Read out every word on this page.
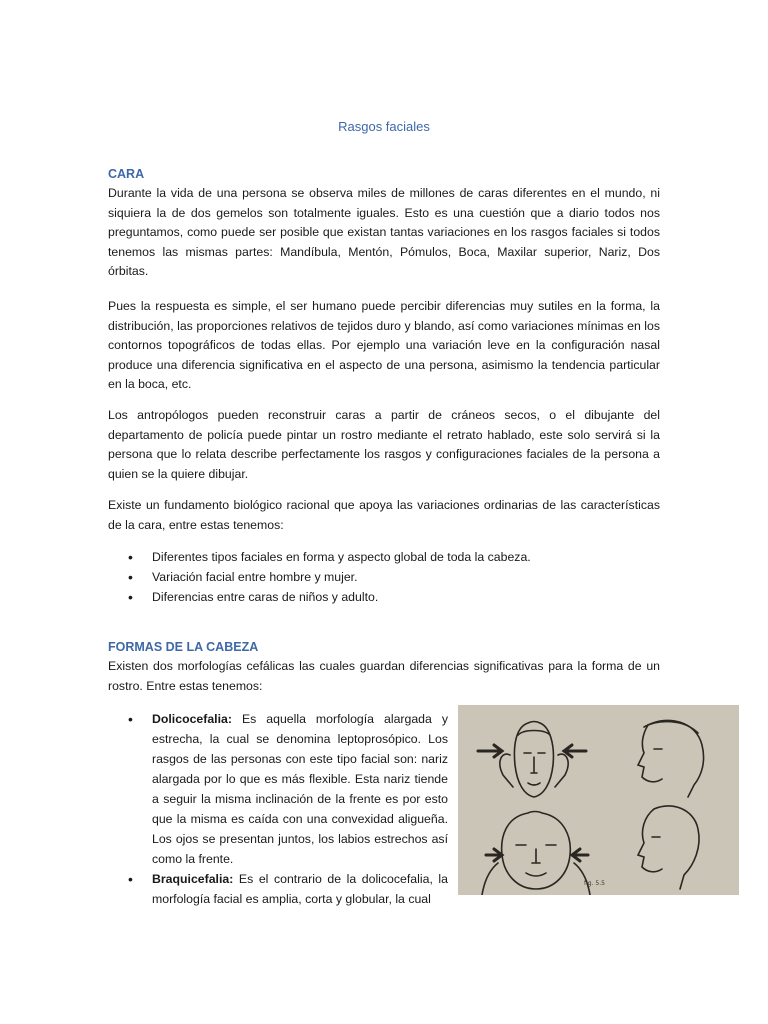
Rasgos faciales
CARA

Durante la vida de una persona se observa miles de millones de caras diferentes en el mundo, ni siquiera la de dos gemelos son totalmente iguales. Esto es una cuestión que a diario todos nos preguntamos, como puede ser posible que existan tantas variaciones en los rasgos faciales si todos tenemos las mismas partes: Mandíbula, Mentón, Pómulos, Boca, Maxilar superior, Nariz, Dos órbitas.

Pues la respuesta es simple, el ser humano puede percibir diferencias muy sutiles en la forma, la distribución, las proporciones relativos de tejidos duro y blando, así como variaciones mínimas en los contornos topográficos de todas ellas. Por ejemplo una variación leve en la configuración nasal produce una diferencia significativa en el aspecto de una persona, asimismo la tendencia particular en la boca, etc.

Los antropólogos pueden reconstruir caras a partir de cráneos secos, o el dibujante del departamento de policía puede pintar un rostro mediante el retrato hablado, este solo servirá si la persona que lo relata describe perfectamente los rasgos y configuraciones faciales de la persona a quien se la quiere dibujar.

Existe un fundamento biológico racional que apoya las variaciones ordinarias de las características de la cara, entre estas tenemos:

• Diferentes tipos faciales en forma y aspecto global de toda la cabeza.
• Variación facial entre hombre y mujer.
• Diferencias entre caras de niños y adulto.
FORMAS DE LA CABEZA

Existen dos morfologías cefálicas las cuales guardan diferencias significativas para la forma de un rostro. Entre estas tenemos:

• Dolicocefalia: Es aquella morfología alargada y estrecha, la cual se denomina leptoprosópico. Los rasgos de las personas con este tipo facial son: nariz alargada por lo que es más flexible. Esta nariz tiende a seguir la misma inclinación de la frente es por esto que la misma es caída con una convexidad aligueña. Los ojos se presentan juntos, los labios estrechos así como la frente.
• Braquicefalia: Es el contrario de la dolicocefalia, la morfología facial es amplia, corta y globular, la cual
fig. 5.5
